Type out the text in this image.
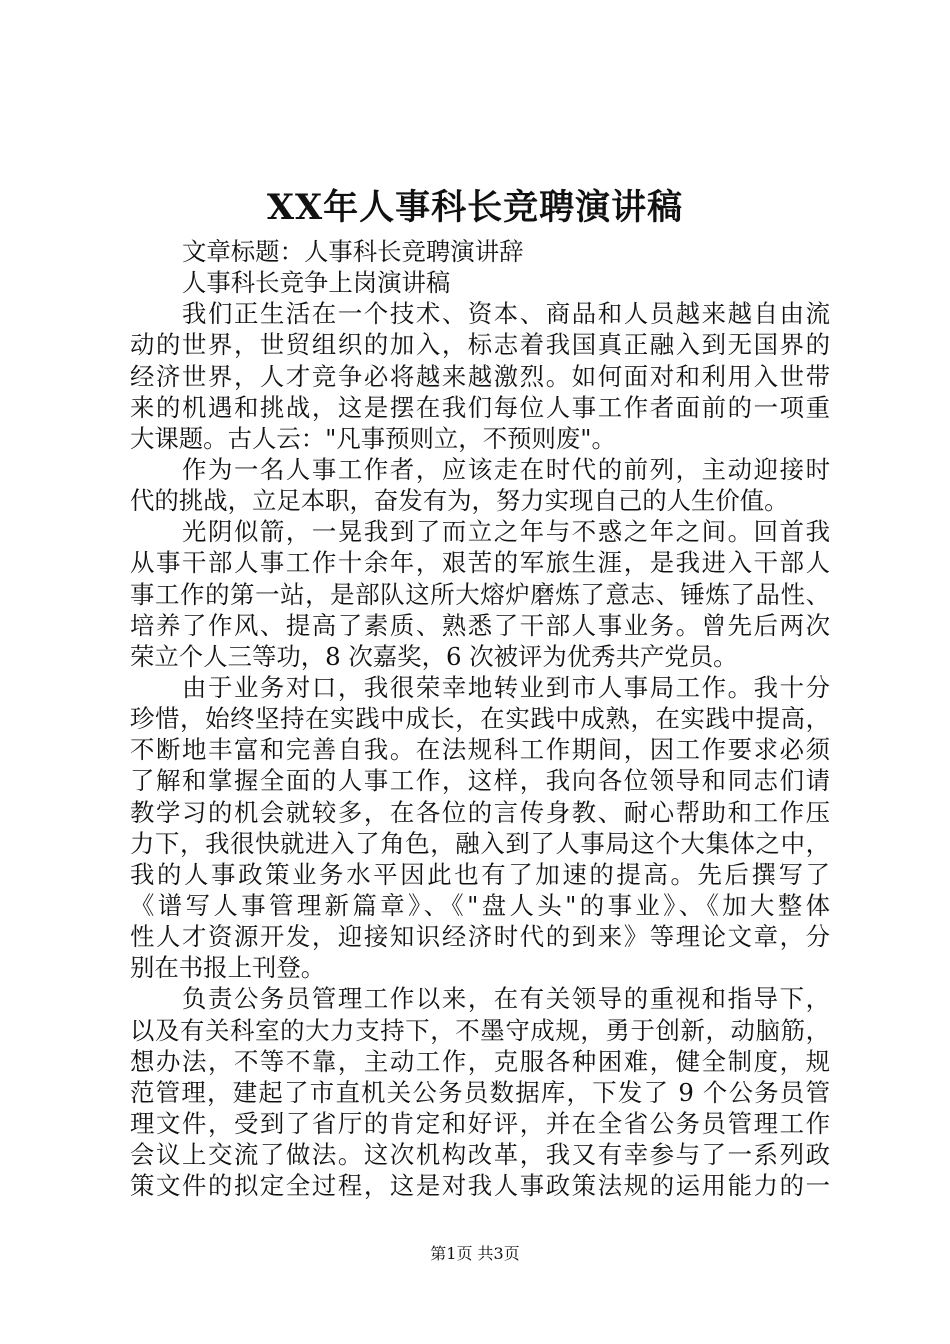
XX年人事科长竞聘演讲稿
文章标题：人事科长竞聘演讲辞
人事科长竞争上岗演讲稿
我们正生活在一个技术、资本、商品和人员越来越自由流
动的世界，世贸组织的加入，标志着我国真正融入到无国界的
经济世界，人才竞争必将越来越激烈。如何面对和利用入世带
来的机遇和挑战，这是摆在我们每位人事工作者面前的一项重
大课题。古人云："凡事预则立，不预则废"。
作为一名人事工作者，应该走在时代的前列，主动迎接时
代的挑战，立足本职，奋发有为，努力实现自己的人生价值。
光阴似箭，一晃我到了而立之年与不惑之年之间。回首我
从事干部人事工作十余年，艰苦的军旅生涯，是我进入干部人
事工作的第一站，是部队这所大熔炉磨炼了意志、锤炼了品性、
培养了作风、提高了素质、熟悉了干部人事业务。曾先后两次
荣立个人三等功，8 次嘉奖，6 次被评为优秀共产党员。
由于业务对口，我很荣幸地转业到市人事局工作。我十分
珍惜，始终坚持在实践中成长，在实践中成熟，在实践中提高，
不断地丰富和完善自我。在法规科工作期间，因工作要求必须
了解和掌握全面的人事工作，这样，我向各位领导和同志们请
教学习的机会就较多，在各位的言传身教、耐心帮助和工作压
力下，我很快就进入了角色，融入到了人事局这个大集体之中，
我的人事政策业务水平因此也有了加速的提高。先后撰写了
《谱写人事管理新篇章》、《"盘人头"的事业》、《加大整体
性人才资源开发，迎接知识经济时代的到来》等理论文章，分
别在书报上刊登。
负责公务员管理工作以来，在有关领导的重视和指导下，
以及有关科室的大力支持下，不墨守成规，勇于创新，动脑筋，
想办法，不等不靠，主动工作，克服各种困难，健全制度，规
范管理，建起了市直机关公务员数据库，下发了 9 个公务员管
理文件，受到了省厅的肯定和好评，并在全省公务员管理工作
会议上交流了做法。这次机构改革，我又有幸参与了一系列政
策文件的拟定全过程，这是对我人事政策法规的运用能力的一
第1页 共3页
